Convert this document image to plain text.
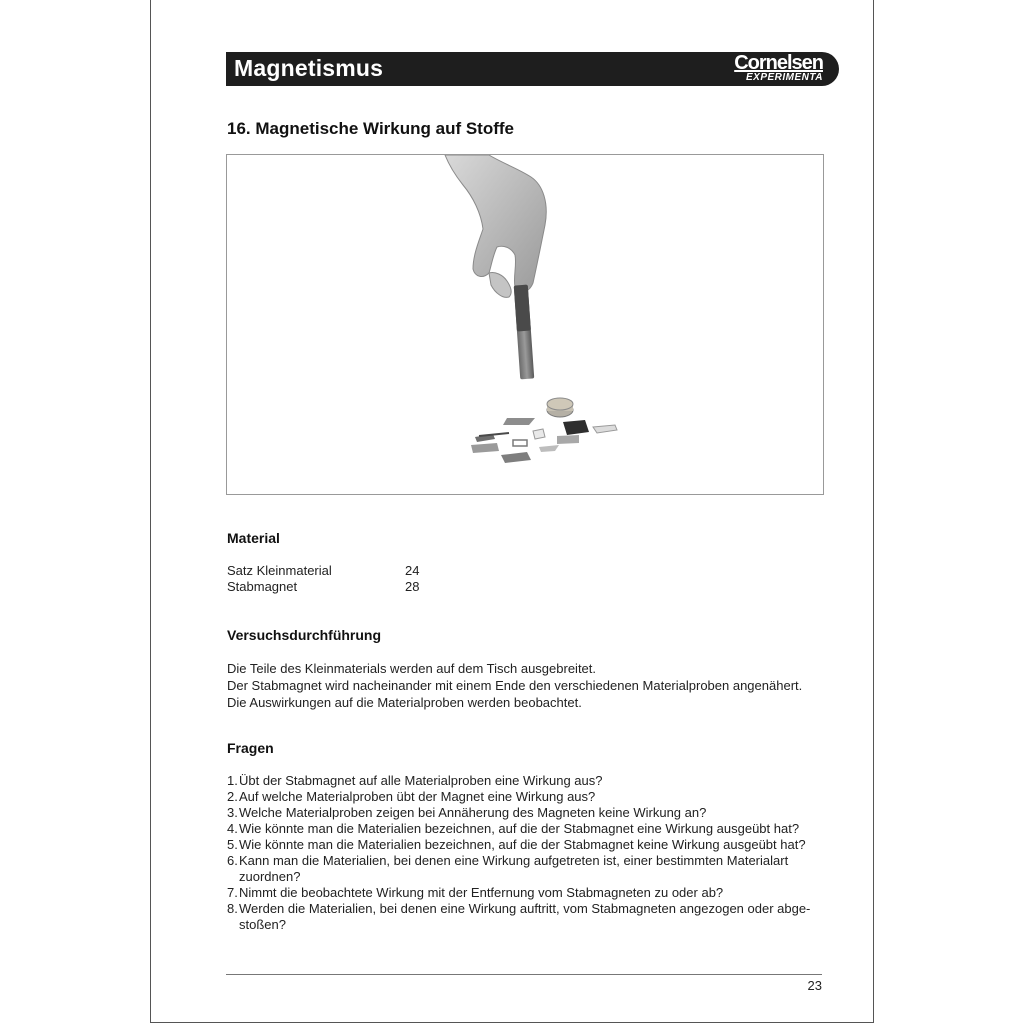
Magnetismus	Cornelsen
EXPERIMENTA
16. Magnetische Wirkung auf Stoffe
Material
Satz Kleinmaterial	24
Stabmagnet	28
Versuchsdurchführung
Die Teile des Kleinmaterials werden auf dem Tisch ausgebreitet.
Der Stabmagnet wird nacheinander mit einem Ende den verschiedenen Materialproben angenähert.
Die Auswirkungen auf die Materialproben werden beobachtet.
Fragen
1. Übt der Stabmagnet auf alle Materialproben eine Wirkung aus?
2. Auf welche Materialproben übt der Magnet eine Wirkung aus?
3. Welche Materialproben zeigen bei Annäherung des Magneten keine Wirkung an?
4. Wie könnte man die Materialien bezeichnen, auf die der Stabmagnet eine Wirkung ausgeübt hat?
5. Wie könnte man die Materialien bezeichnen, auf die der Stabmagnet keine Wirkung ausgeübt hat?
6. Kann man die Materialien, bei denen eine Wirkung aufgetreten ist, einer bestimmten Materialart zuordnen?
7. Nimmt die beobachtete Wirkung mit der Entfernung vom Stabmagneten zu oder ab?
8. Werden die Materialien, bei denen eine Wirkung auftritt, vom Stabmagneten angezogen oder abge-stoßen?
23
